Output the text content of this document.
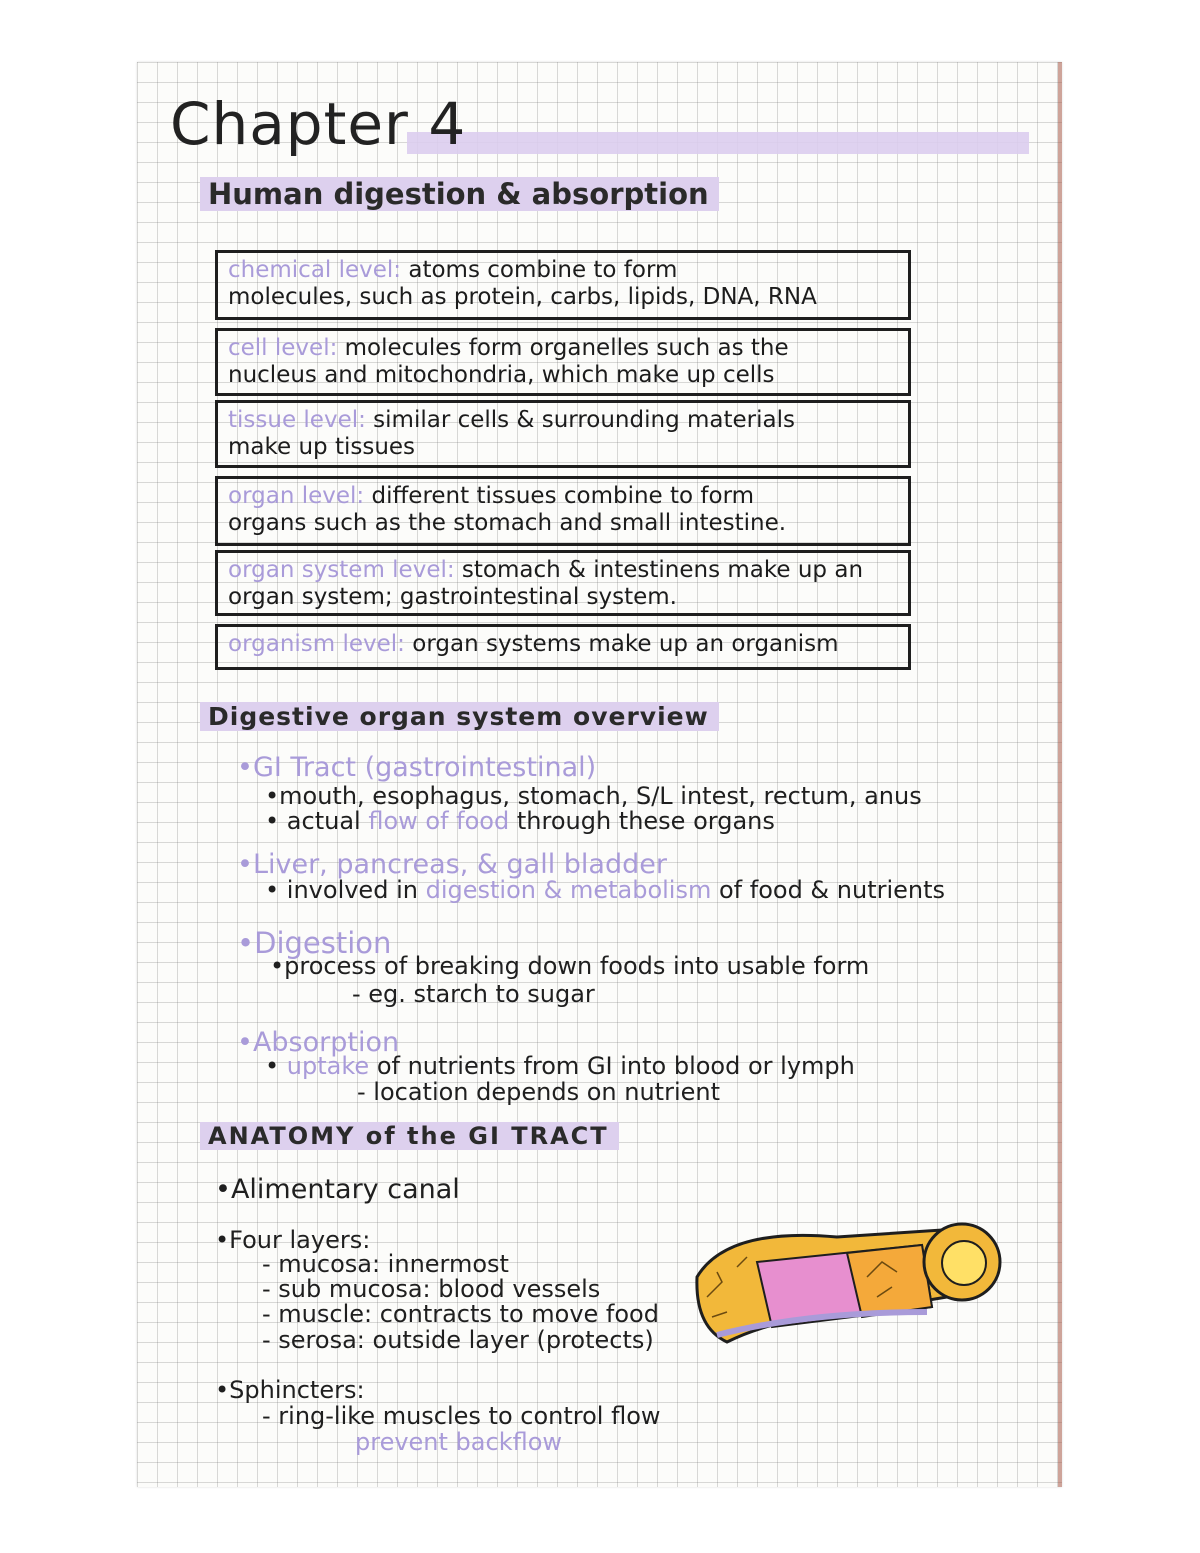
Chapter 4
Human digestion & absorption
chemical level: atoms combine to form
molecules, such as protein, carbs, lipids, DNA, RNA
cell level: molecules form organelles such as the
nucleus and mitochondria, which make up cells
tissue level: similar cells & surrounding materials
make up tissues
organ level: different tissues combine to form
organs such as the stomach and small intestine.
organ system level: stomach & intestinens make up an
organ system; gastrointestinal system.
organism level: organ systems make up an organism
Digestive organ system overview
• GI Tract (gastrointestinal)
• mouth, esophagus, stomach, S/L intest, rectum, anus
• actual flow of food through these organs
• Liver, pancreas, & gall bladder
• involved in digestion & metabolism of food & nutrients
• Digestion
• process of breaking down foods into usable form
- eg. starch to sugar
• Absorption
• uptake of nutrients from GI into blood or lymph
- location depends on nutrient
ANATOMY of the GI TRACT
• Alimentary canal
• Four layers:
- mucosa: innermost
- sub mucosa: blood vessels
- muscle: contracts to move food
- serosa: outside layer (protects)
• Sphincters:
- ring-like muscles to control flow
prevent backflow
